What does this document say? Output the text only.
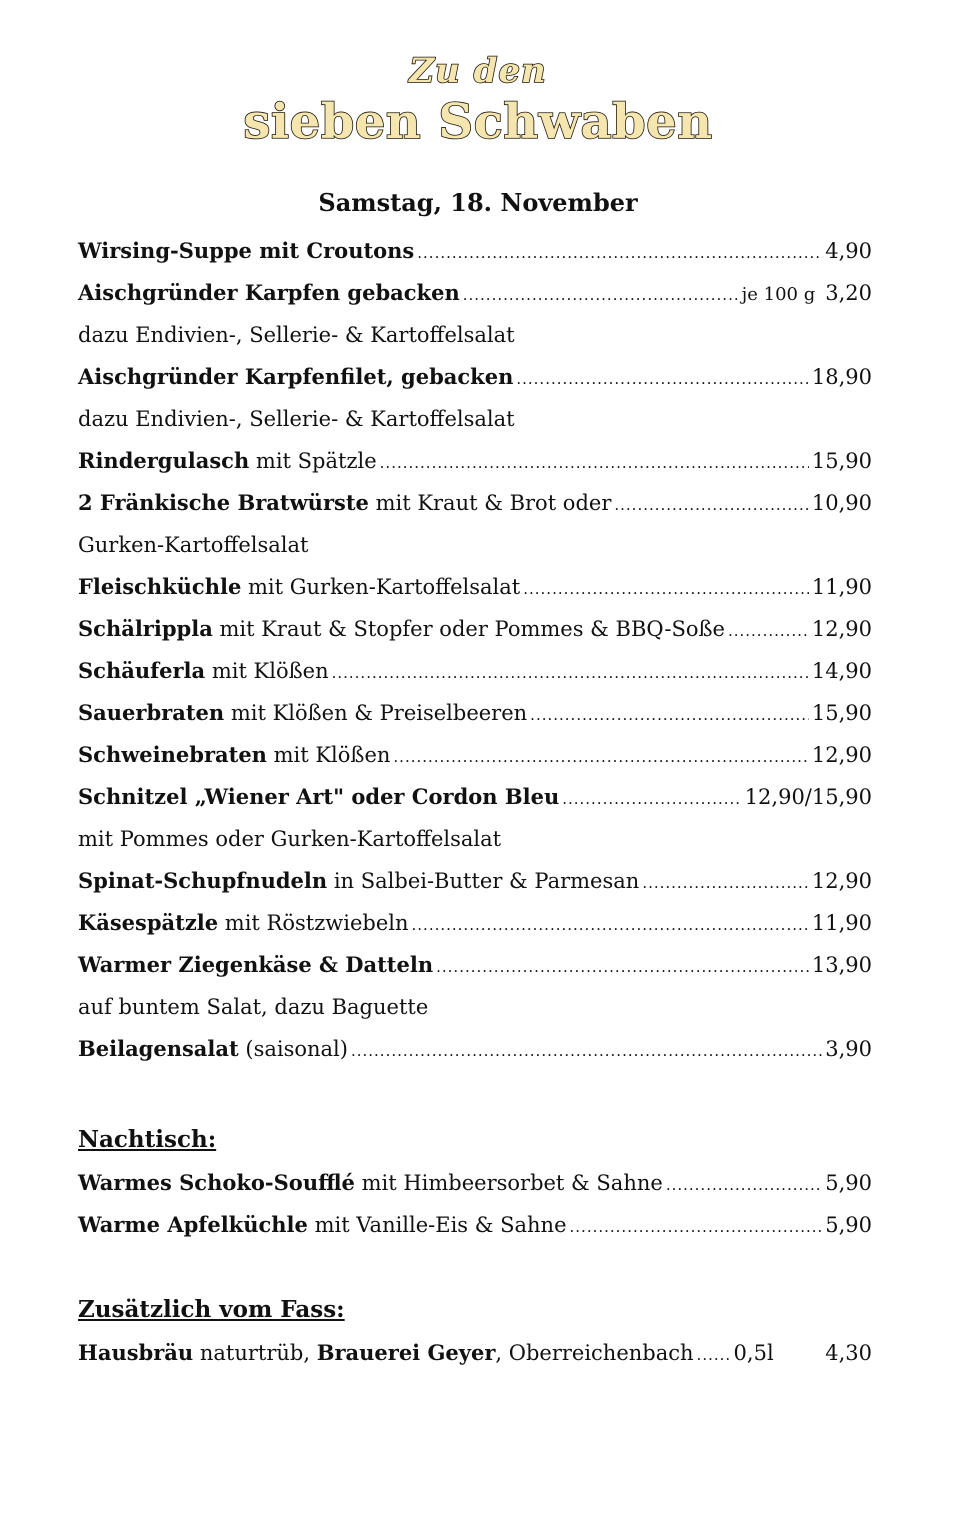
Zu den
sieben Schwaben
Samstag, 18. November
Wirsing-Suppe mit Croutons .....	4,90
Aischgründer Karpfen gebacken .....	je 100 g 3,20
dazu Endivien-, Sellerie- & Kartoffelsalat
Aischgründer Karpfenfilet, gebacken .....	18,90
dazu Endivien-, Sellerie- & Kartoffelsalat
Rindergulasch mit Spätzle .....	15,90
2 Fränkische Bratwürste mit Kraut & Brot oder .....	10,90
Gurken-Kartoffelsalat
Fleischküchle mit Gurken-Kartoffelsalat .....	11,90
Schälrippla mit Kraut & Stopfer oder Pommes & BBQ-Soße .....	12,90
Schäuferla mit Klößen .....	14,90
Sauerbraten mit Klößen & Preiselbeeren .....	15,90
Schweinebraten mit Klößen .....	12,90
Schnitzel „Wiener Art" oder Cordon Bleu .....	12,90/15,90
mit Pommes oder Gurken-Kartoffelsalat
Spinat-Schupfnudeln in Salbei-Butter & Parmesan .....	12,90
Käsespätzle mit Röstzwiebeln .....	11,90
Warmer Ziegenkäse & Datteln .....	13,90
auf buntem Salat, dazu Baguette
Beilagensalat (saisonal) .....	3,90
Nachtisch:
Warmes Schoko-Soufflé mit Himbeersorbet & Sahne .....	5,90
Warme Apfelküchle mit Vanille-Eis & Sahne .....	5,90
Zusätzlich vom Fass:
Hausbräu naturtrüb, Brauerei Geyer, Oberreichenbach ..... 0,5l 4,30
